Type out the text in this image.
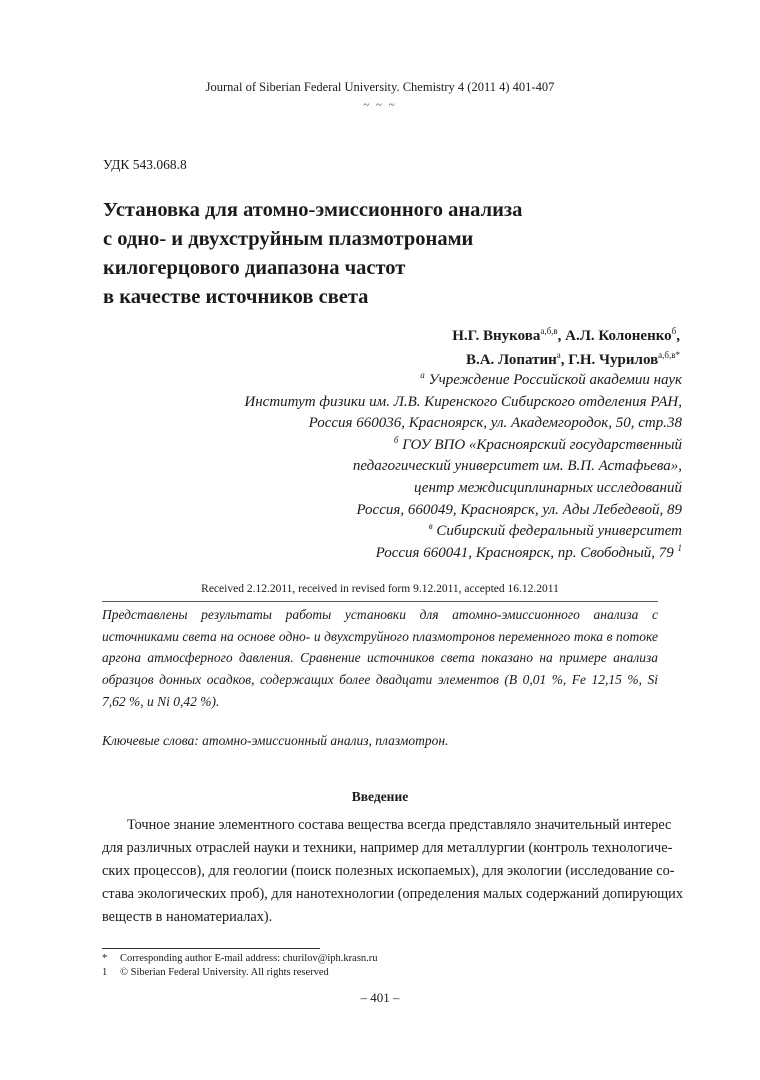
Journal of Siberian Federal University. Chemistry 4 (2011 4) 401-407
~ ~ ~
УДК 543.068.8
Установка для атомно-эмиссионного анализа
с одно- и двухструйным плазмотронами
килогерцового диапазона частот
в качестве источников света
Н.Г. Внукова$^{а,б,в}$, А.Л. Колоненко$^б$,
В.А. Лопатин$^а$, Г.Н. Чурилов$^{а,б,в*}$
$^а$ Учреждение Российской академии наук
Институт физики им. Л.В. Киренского Сибирского отделения РАН,
Россия 660036, Красноярск, ул. Академгородок, 50, стр.38
$^б$ ГОУ ВПО «Красноярский государственный
педагогический университет им. В.П. Астафьева»,
центр междисциплинарных исследований
Россия, 660049, Красноярск, ул. Ады Лебедевой, 89
$^в$ Сибирский федеральный университет
Россия 660041, Красноярск, пр. Свободный, 79 $^1$
Received 2.12.2011, received in revised form 9.12.2011, accepted 16.12.2011
Представлены результаты работы установки для атомно-эмиссионного анализа с
источниками света на основе одно- и двухструйного плазмотронов переменного тока в потоке
аргона атмосферного давления. Сравнение источников света показано на примере анализа
образцов донных осадков, содержащих более двадцати элементов (B 0,01 %, Fe 12,15 %, Si
7,62 %, и Ni 0,42 %).
Ключевые слова: атомно-эмиссионный анализ, плазмотрон.
Введение
Точное знание элементного состава вещества всегда представляло значительный интерес
для различных отраслей науки и техники, например для металлургии (контроль технологиче-
ских процессов), для геологии (поиск полезных ископаемых), для экологии (исследование со-
става экологических проб), для нанотехнологии (определения малых содержаний допирующих
веществ в наноматериалах).
* Corresponding author E-mail address: churilov@iph.krasn.ru
1 © Siberian Federal University. All rights reserved
– 401 –
